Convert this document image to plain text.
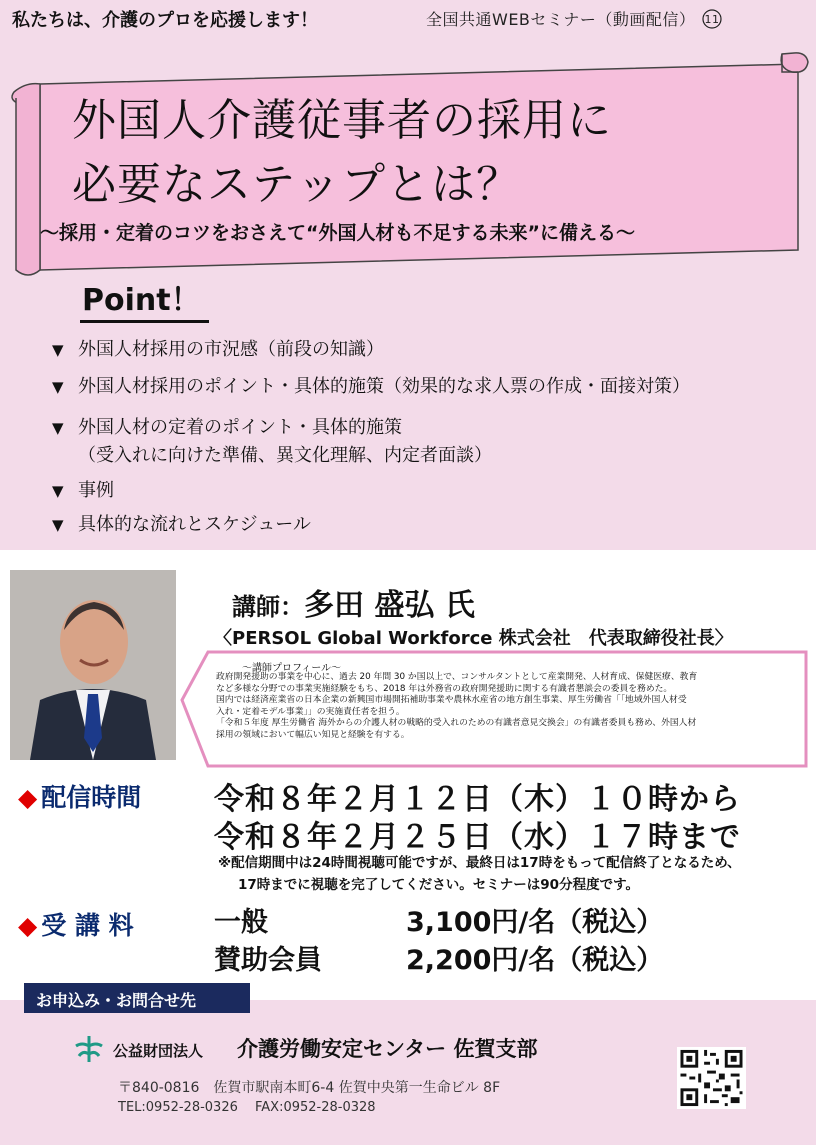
私たちは、介護のプロを応援します！	全国共通WEBセミナー（動画配信） 11
外国人介護従事者の採用に
必要なステップとは？
～採用・定着のコツをおさえて“外国人材も不足する未来”に備える～
Point！
▼ 外国人材採用の市況感（前段の知識）
▼ 外国人材採用のポイント・具体的施策（効果的な求人票の作成・面接対策）
▼ 外国人材の定着のポイント・具体的施策
（受入れに向けた準備、異文化理解、内定者面談）
▼ 事例
▼ 具体的な流れとスケジュール
講師：多田 盛弘 氏
〈PERSOL Global Workforce 株式会社　代表取締役社長〉
～講師プロフィール～
政府開発援助の事業を中心に、過去 20 年間 30 か国以上で、コンサルタントとして産業開発、人材育成、保健医療、教育
など多様な分野での事業実施経験をもち、2018 年は外務省の政府開発援助に関する有識者懇談会の委員を務めた。
国内では経済産業省の日本企業の新興国市場開拓補助事業や農林水産省の地方創生事業、厚生労働省「「地域外国人材受
入れ・定着モデル事業」」の実施責任者を担う。
「令和５年度 厚生労働省 海外からの介護人材の戦略的受入れのための有識者意見交換会」の有識者委員も務め、外国人材
採用の領域において幅広い知見と経験を有する。
◆ 配信時間 令和８年２月１２日（木）１０時から
令和８年２月２５日（水）１７時まで
※配信期間中は24時間視聴可能ですが、最終日は17時をもって配信終了となるため、
17時までに視聴を完了してください。セミナーは90分程度です。
◆ 受 講 料	一般	3,100円/名（税込）
賛助会員	2,200円/名（税込）
お申込み・お問合せ先
公益財団法人 介護労働安定センター 佐賀支部
〒840-0816　佐賀市駅南本町6-4 佐賀中央第一生命ビル 8F
TEL:0952-28-0326　 FAX:0952-28-0328
